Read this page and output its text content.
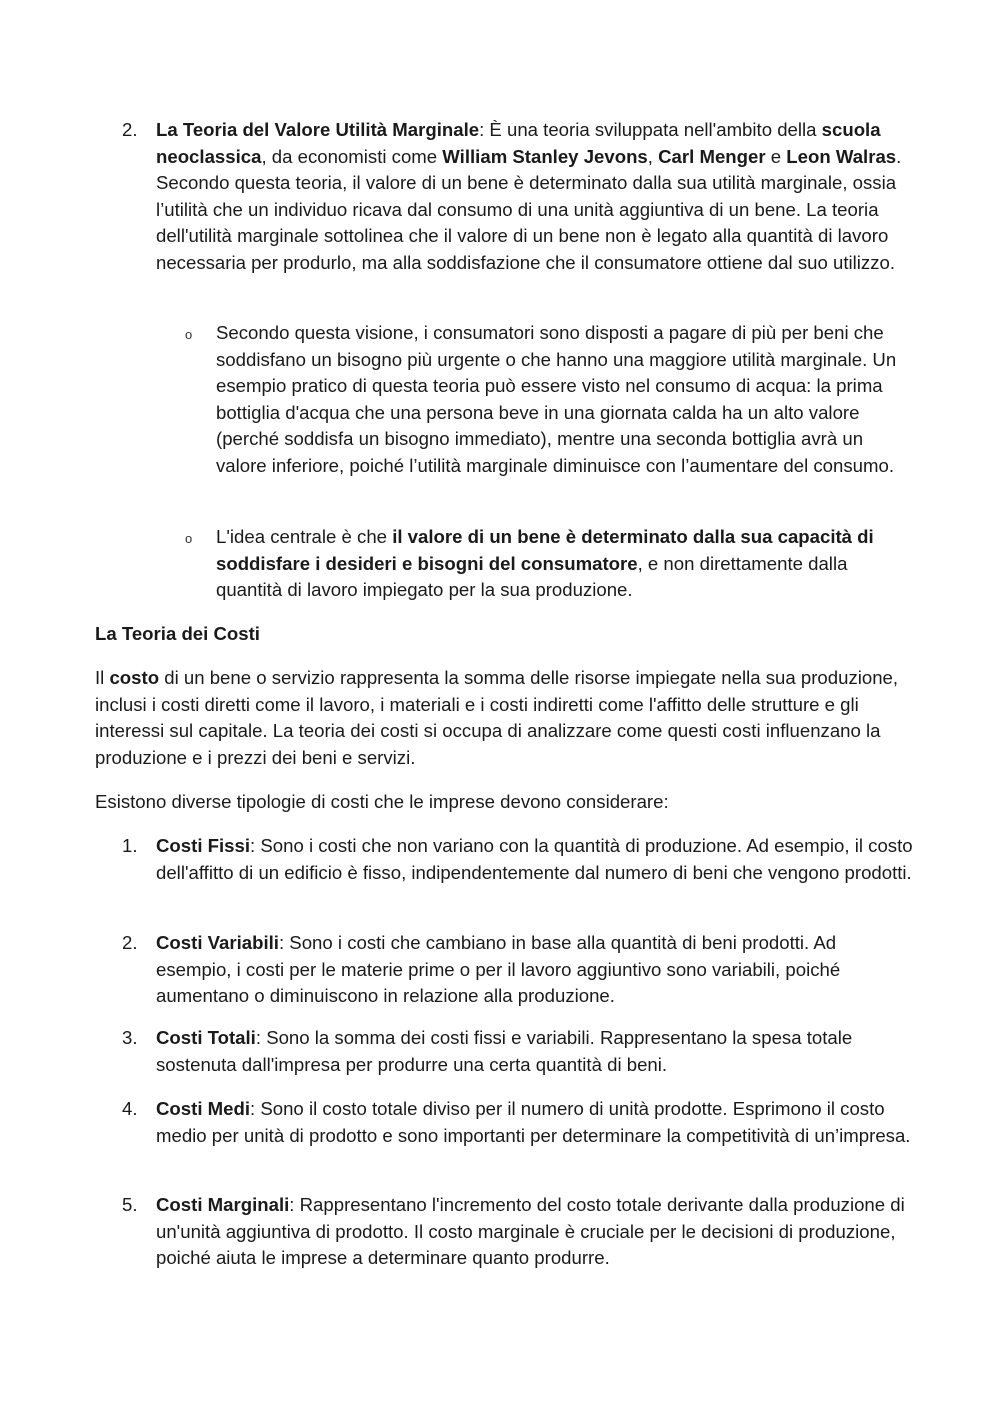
2. La Teoria del Valore Utilità Marginale: È una teoria sviluppata nell'ambito della scuola neoclassica, da economisti come William Stanley Jevons, Carl Menger e Leon Walras. Secondo questa teoria, il valore di un bene è determinato dalla sua utilità marginale, ossia l’utilità che un individuo ricava dal consumo di una unità aggiuntiva di un bene. La teoria dell'utilità marginale sottolinea che il valore di un bene non è legato alla quantità di lavoro necessaria per produrlo, ma alla soddisfazione che il consumatore ottiene dal suo utilizzo.

o Secondo questa visione, i consumatori sono disposti a pagare di più per beni che soddisfano un bisogno più urgente o che hanno una maggiore utilità marginale. Un esempio pratico di questa teoria può essere visto nel consumo di acqua: la prima bottiglia d'acqua che una persona beve in una giornata calda ha un alto valore (perché soddisfa un bisogno immediato), mentre una seconda bottiglia avrà un valore inferiore, poiché l’utilità marginale diminuisce con l’aumentare del consumo.

o L'idea centrale è che il valore di un bene è determinato dalla sua capacità di soddisfare i desideri e bisogni del consumatore, e non direttamente dalla quantità di lavoro impiegato per la sua produzione.

La Teoria dei Costi

Il costo di un bene o servizio rappresenta la somma delle risorse impiegate nella sua produzione, inclusi i costi diretti come il lavoro, i materiali e i costi indiretti come l'affitto delle strutture e gli interessi sul capitale. La teoria dei costi si occupa di analizzare come questi costi influenzano la produzione e i prezzi dei beni e servizi.

Esistono diverse tipologie di costi che le imprese devono considerare:

1. Costi Fissi: Sono i costi che non variano con la quantità di produzione. Ad esempio, il costo dell'affitto di un edificio è fisso, indipendentemente dal numero di beni che vengono prodotti.

2. Costi Variabili: Sono i costi che cambiano in base alla quantità di beni prodotti. Ad esempio, i costi per le materie prime o per il lavoro aggiuntivo sono variabili, poiché aumentano o diminuiscono in relazione alla produzione.

3. Costi Totali: Sono la somma dei costi fissi e variabili. Rappresentano la spesa totale sostenuta dall'impresa per produrre una certa quantità di beni.

4. Costi Medi: Sono il costo totale diviso per il numero di unità prodotte. Esprimono il costo medio per unità di prodotto e sono importanti per determinare la competitività di un’impresa.

5. Costi Marginali: Rappresentano l'incremento del costo totale derivante dalla produzione di un'unità aggiuntiva di prodotto. Il costo marginale è cruciale per le decisioni di produzione, poiché aiuta le imprese a determinare quanto produrre.
